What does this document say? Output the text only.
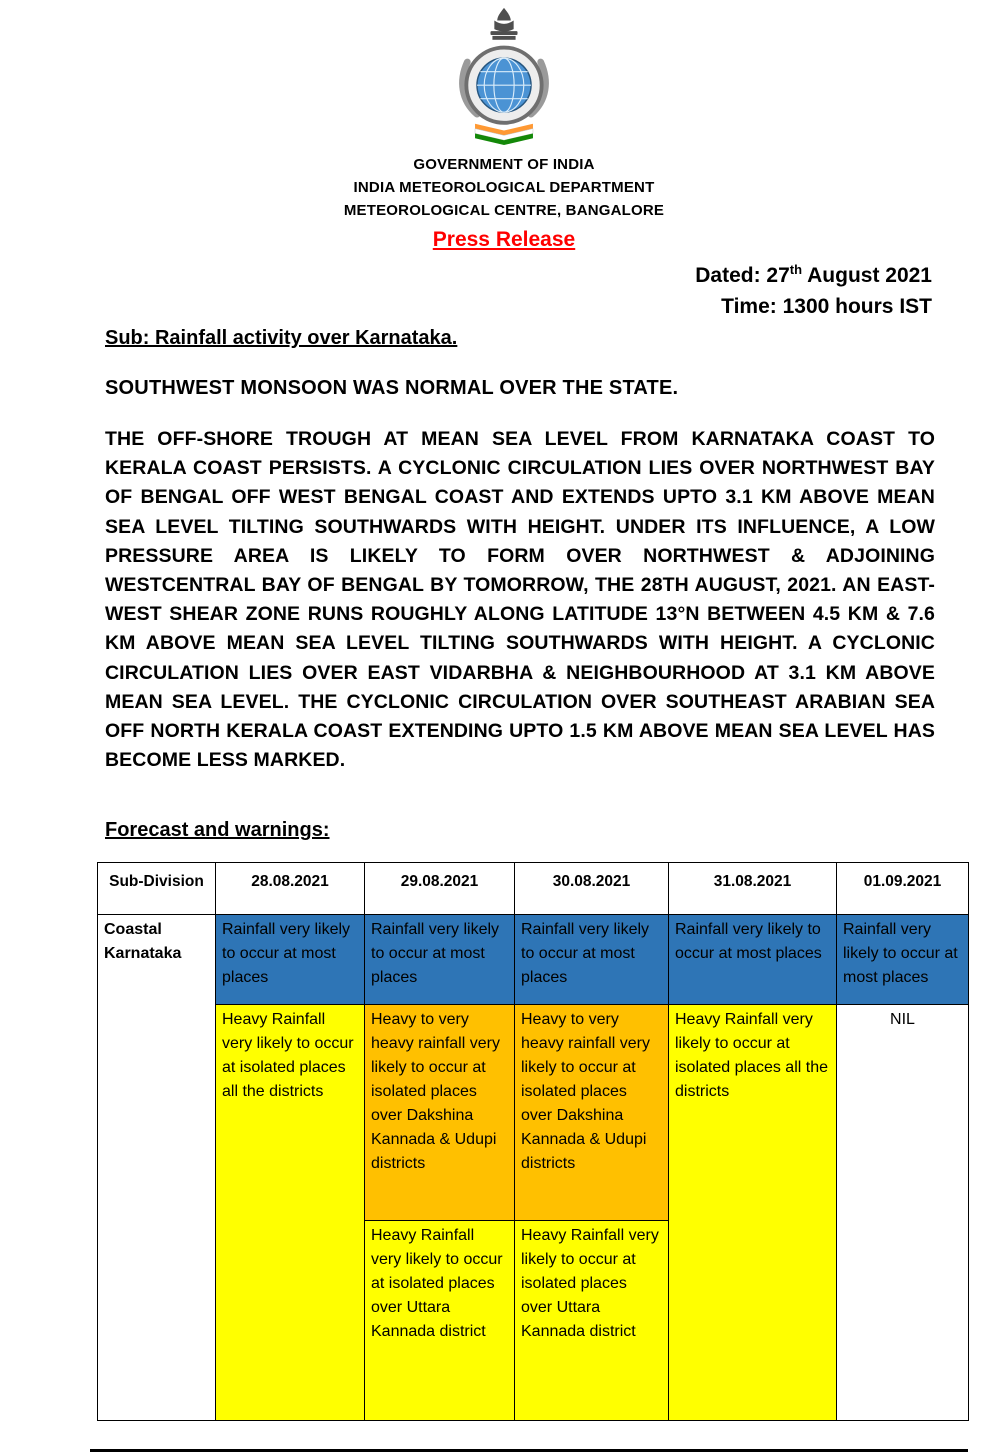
GOVERNMENT OF INDIA
INDIA METEOROLOGICAL DEPARTMENT
METEOROLOGICAL CENTRE, BANGALORE
Press Release
Dated: 27th August 2021
Time: 1300 hours IST
Sub: Rainfall activity over Karnataka.
SOUTHWEST MONSOON WAS NORMAL OVER THE STATE.

THE OFF-SHORE TROUGH AT MEAN SEA LEVEL FROM KARNATAKA COAST TO KERALA COAST PERSISTS. A CYCLONIC CIRCULATION LIES OVER NORTHWEST BAY OF BENGAL OFF WEST BENGAL COAST AND EXTENDS UPTO 3.1 KM ABOVE MEAN SEA LEVEL TILTING SOUTHWARDS WITH HEIGHT. UNDER ITS INFLUENCE, A LOW PRESSURE AREA IS LIKELY TO FORM OVER NORTHWEST & ADJOINING WESTCENTRAL BAY OF BENGAL BY TOMORROW, THE 28TH AUGUST, 2021. AN EAST-WEST SHEAR ZONE RUNS ROUGHLY ALONG LATITUDE 13°N BETWEEN 4.5 KM & 7.6 KM ABOVE MEAN SEA LEVEL TILTING SOUTHWARDS WITH HEIGHT. A CYCLONIC CIRCULATION LIES OVER EAST VIDARBHA & NEIGHBOURHOOD AT 3.1 KM ABOVE MEAN SEA LEVEL. THE CYCLONIC CIRCULATION OVER SOUTHEAST ARABIAN SEA OFF NORTH KERALA COAST EXTENDING UPTO 1.5 KM ABOVE MEAN SEA LEVEL HAS BECOME LESS MARKED.

Forecast and warnings:
Sub-Division	28.08.2021	29.08.2021	30.08.2021	31.08.2021	01.09.2021
Coastal Karnataka	Rainfall very likely to occur at most places	Rainfall very likely to occur at most places	Rainfall very likely to occur at most places	Rainfall very likely to occur at most places	Rainfall very likely to occur at most places
	Heavy Rainfall very likely to occur at isolated places all the districts	Heavy to very heavy rainfall very likely to occur at isolated places over Dakshina Kannada & Udupi districts	Heavy to very heavy rainfall very likely to occur at isolated places over Dakshina Kannada & Udupi districts	Heavy Rainfall very likely to occur at isolated places all the districts	NIL
		Heavy Rainfall very likely to occur at isolated places over Uttara Kannada district	Heavy Rainfall very likely to occur at isolated places over Uttara Kannada district		
